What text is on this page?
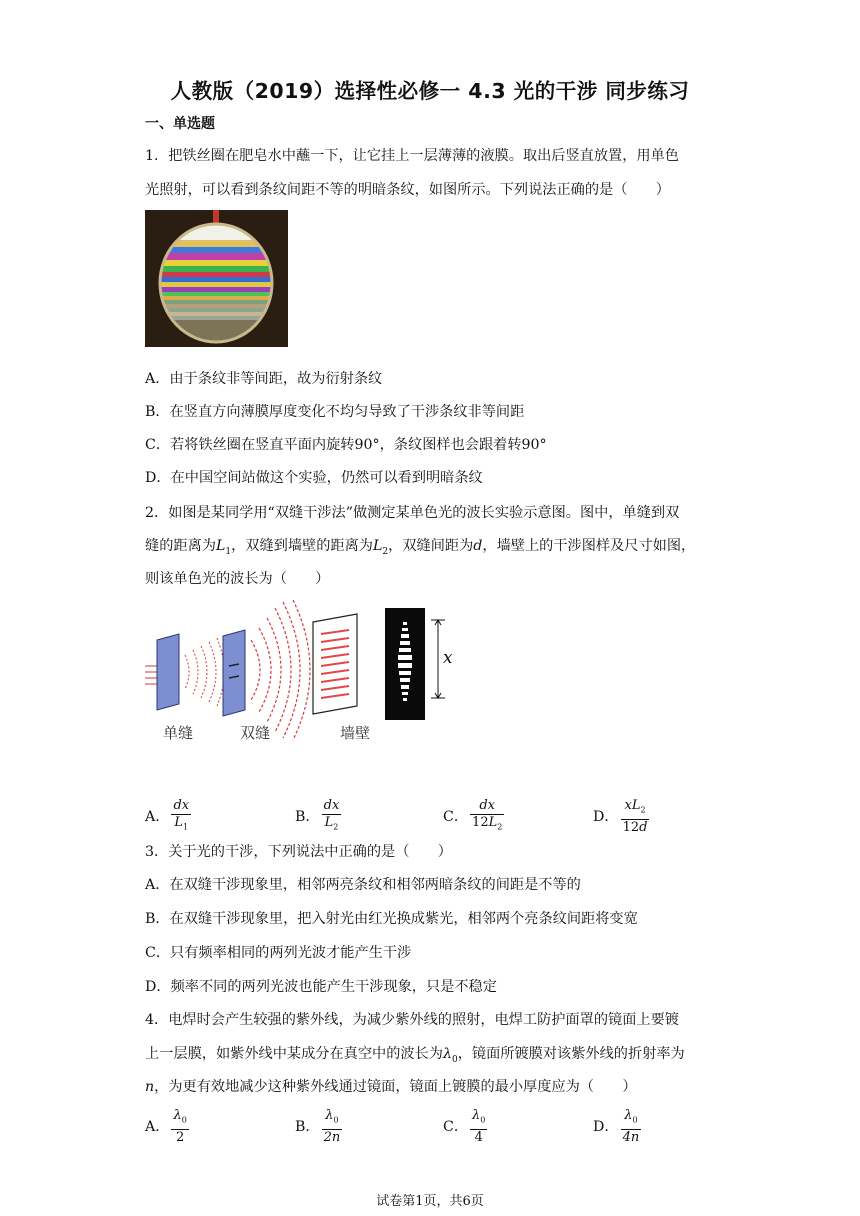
人教版（2019）选择性必修一 4.3 光的干涉 同步练习
一、单选题
1．把铁丝圈在肥皂水中蘸一下，让它挂上一层薄薄的液膜。取出后竖直放置，用单色
光照射，可以看到条纹间距不等的明暗条纹，如图所示。下列说法正确的是（　　）
A．由于条纹非等间距，故为衍射条纹
B．在竖直方向薄膜厚度变化不均匀导致了干涉条纹非等间距
C．若将铁丝圈在竖直平面内旋转90°，条纹图样也会跟着转90°
D．在中国空间站做这个实验，仍然可以看到明暗条纹
2．如图是某同学用“双缝干涉法”做测定某单色光的波长实验示意图。图中，单缝到双
缝的距离为$L_1$，双缝到墙壁的距离为$L_2$，双缝间距为d，墙壁上的干涉图样及尺寸如图，
则该单色光的波长为（　　）
单缝	双缝	墙壁
x
A． $\frac{dx}{L_1}$	B． $\frac{dx}{L_2}$	C． $\frac{dx}{12L_2}$	D． $\frac{xL_2}{12d}$
3．关于光的干涉，下列说法中正确的是（　　）
A．在双缝干涉现象里，相邻两亮条纹和相邻两暗条纹的间距是不等的
B．在双缝干涉现象里，把入射光由红光换成紫光，相邻两个亮条纹间距将变宽
C．只有频率相同的两列光波才能产生干涉
D．频率不同的两列光波也能产生干涉现象，只是不稳定
4．电焊时会产生较强的紫外线，为减少紫外线的照射，电焊工防护面罩的镜面上要镀
上一层膜，如紫外线中某成分在真空中的波长为$\lambda_0$，镜面所镀膜对该紫外线的折射率为
n，为更有效地减少这种紫外线通过镜面，镜面上镀膜的最小厚度应为（　　）
A． $\frac{\lambda_0}{2}$	B． $\frac{\lambda_0}{2n}$	C． $\frac{\lambda_0}{4}$	D． $\frac{\lambda_0}{4n}$
试卷第1页，共6页
